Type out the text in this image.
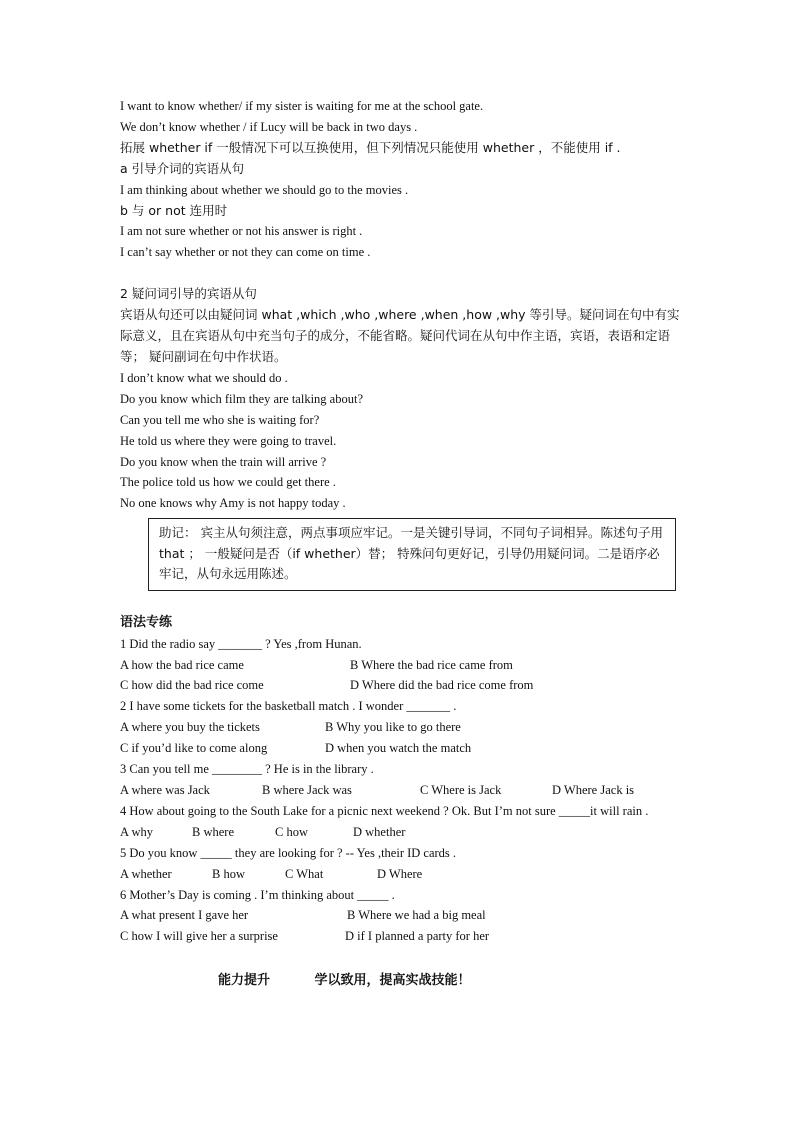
I want to know whether/ if my sister is waiting for me at the school gate.
We don’t know whether / if Lucy will be back in two days .
拓展 whether if 一般情况下可以互换使用，但下列情况只能使用 whether ，不能使用 if .
a 引导介词的宾语从句
I am thinking about whether we should go to the movies .
b 与 or not 连用时
I am not sure whether or not his answer is right .
I can’t say whether or not they can come on time .
2 疑问词引导的宾语从句
宾语从句还可以由疑问词 what ,which ,who ,where ,when ,how ,why 等引导。疑问词在句中有实际意义，且在宾语从句中充当句子的成分，不能省略。疑问代词在从句中作主语，宾语，表语和定语等； 疑问副词在句中作状语。
I don’t know what we should do .
Do you know which film they are talking about?
Can you tell me who she is waiting for?
He told us where they were going to travel.
Do you know when the train will arrive ?
The police told us how we could get there .
No one knows why Amy is not happy today .
助记： 宾主从句须注意，两点事项应牢记。一是关键引导词，不同句子词相异。陈述句子用 that ； 一般疑问是否（if whether）替； 特殊问句更好记，引导仍用疑问词。二是语序必牢记，从句永远用陈述。
语法专练
1 Did the radio say _______ ? Yes ,from Hunan.
A how the bad rice came	B Where the bad rice came from
C how did the bad rice come	D Where did the bad rice come from
2 I have some tickets for the basketball match . I wonder _______ .
A where you buy the tickets	B Why you like to go there
C if you’d like to come along	D when you watch the match
3 Can you tell me ________ ? He is in the library .
A where was Jack	B where Jack was	C Where is Jack	D Where Jack is
4 How about going to the South Lake for a picnic next weekend ? Ok. But I’m not sure _____it will rain .
A why	B where	C how	D whether
5 Do you know _____ they are looking for ? -- Yes ,their ID cards .
A whether	B how	C What	D Where
6 Mother’s Day is coming . I’m thinking about _____ .
A what present I gave her	B Where we had a big meal
C how I will give her a surprise	D if I planned a party for her
能力提升	学以致用，提高实战技能！
